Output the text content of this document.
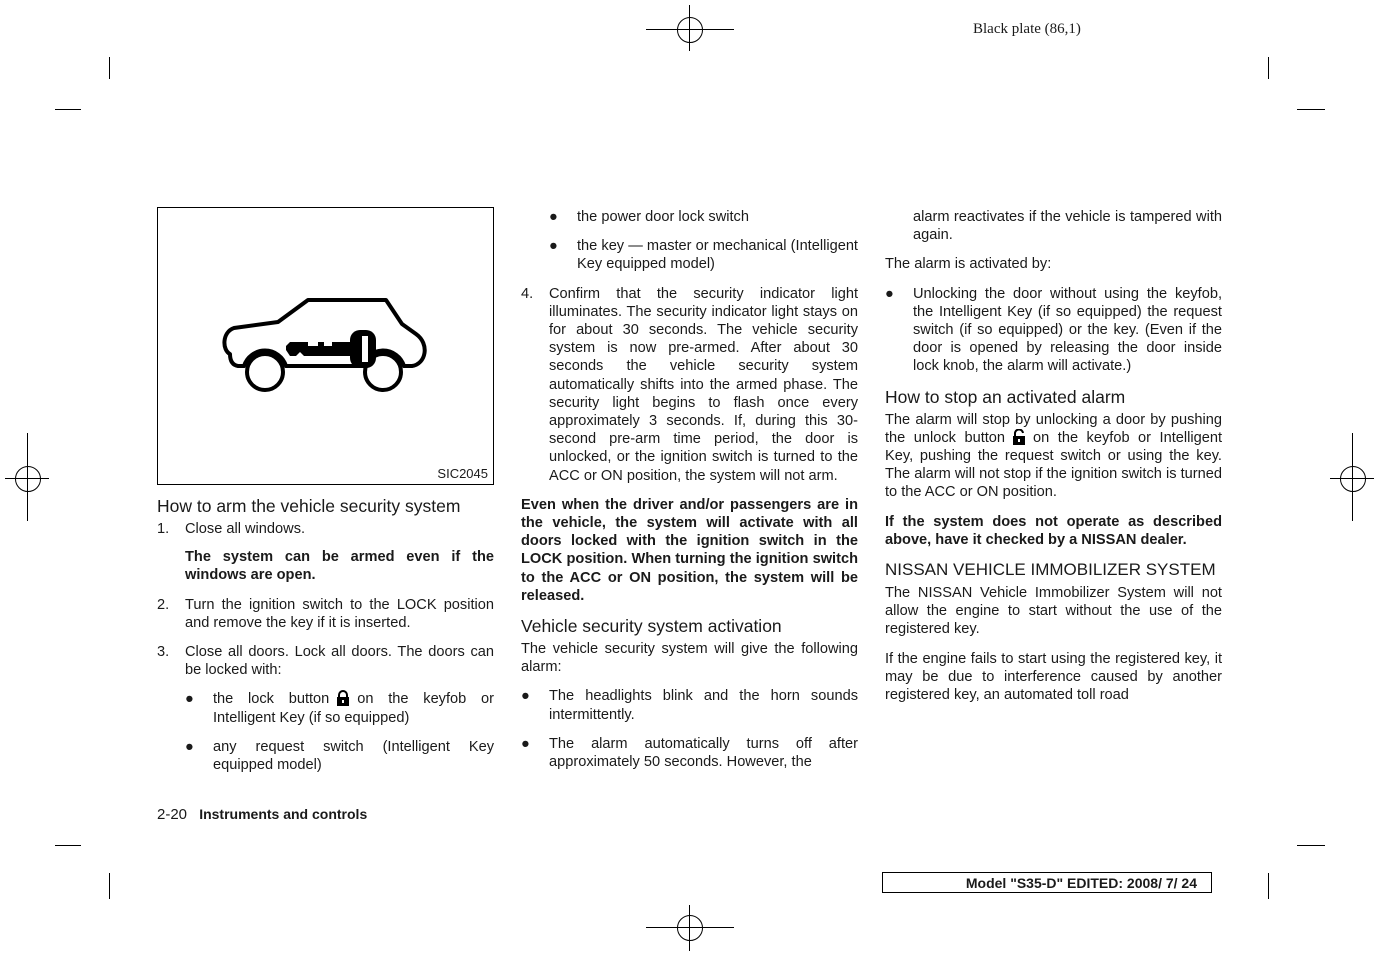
Black plate (86,1)
SIC2045
How to arm the vehicle security system
1.	Close all windows.

The system can be armed even if the windows are open.

2.	Turn the ignition switch to the LOCK position and remove the key if it is inserted.
3.	Close all doors. Lock all doors. The doors can be locked with:
●	the lock button on the keyfob or Intelligent Key (if so equipped)
●	any request switch (Intelligent Key equipped model)
●	the power door lock switch
●	the key — master or mechanical (Intelligent Key equipped model)
4.	Confirm that the security indicator light illuminates. The security indicator light stays on for about 30 seconds. The vehicle security system is now pre-armed. After about 30 seconds the vehicle security system automatically shifts into the armed phase. The security light begins to flash once every approximately 3 seconds. If, during this 30-second pre-arm time period, the door is unlocked, or the ignition switch is turned to the ACC or ON position, the system will not arm.

Even when the driver and/or passengers are in the vehicle, the system will activate with all doors locked with the ignition switch in the LOCK position. When turning the ignition switch to the ACC or ON position, the system will be released.

Vehicle security system activation

The vehicle security system will give the following alarm:

●	The headlights blink and the horn sounds intermittently.
●	The alarm automatically turns off after approximately 50 seconds. However, the

alarm reactivates if the vehicle is tampered with again.

The alarm is activated by:

●	Unlocking the door without using the keyfob, the Intelligent Key (if so equipped) the request switch (if so equipped) or the key. (Even if the door is opened by releasing the door inside lock knob, the alarm will activate.)
How to stop an activated alarm

The alarm will stop by unlocking a door by pushing the unlock button on the keyfob or Intelligent Key, pushing the request switch or using the key. The alarm will not stop if the ignition switch is turned to the ACC or ON position.

If the system does not operate as described above, have it checked by a NISSAN dealer.

NISSAN VEHICLE IMMOBILIZER SYSTEM

The NISSAN Vehicle Immobilizer System will not allow the engine to start without the use of the registered key.

If the engine fails to start using the registered key, it may be due to interference caused by another registered key, an automated toll road

2-20 Instruments and controls
Model "S35-D" EDITED: 2008/ 7/ 24
